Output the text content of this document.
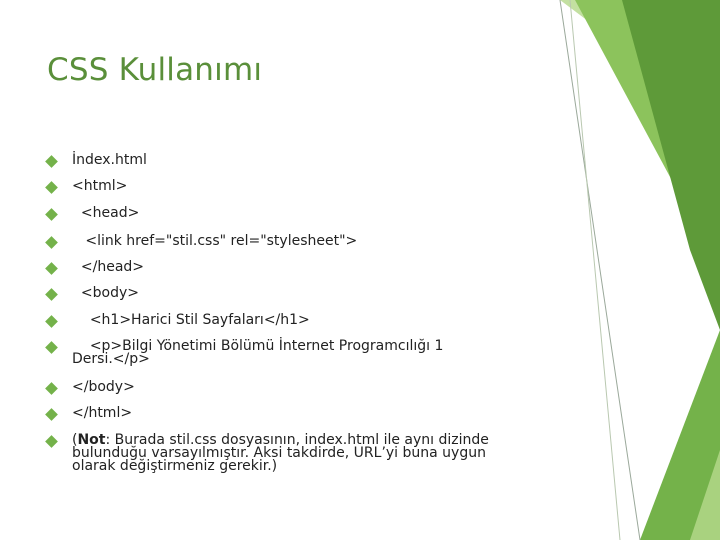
CSS Kullanımı
İndex.html
<html>
<head>
<link href="stil.css" rel="stylesheet">
</head>
<body>
<h1>Harici Stil Sayfaları</h1>
<p>Bilgi Yönetimi Bölümü İnternet Programcılığı 1
Dersi.</p>
</body>
</html>
(Not: Burada stil.css dosyasının, index.html ile aynı dizinde bulunduğu varsayılmıştır. Aksi takdirde, URL’yi buna uygun olarak değiştirmeniz gerekir.)
